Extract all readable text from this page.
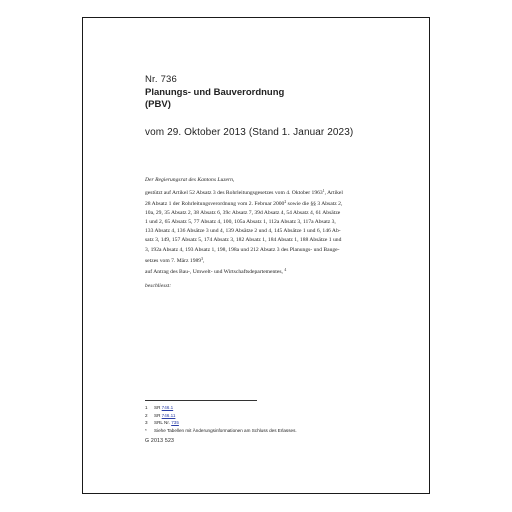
Nr. 736
Planungs- und Bauverordnung
(PBV)
vom 29. Oktober 2013 (Stand 1. Januar 2023)
Der Regierungsrat des Kantons Luzern,
gestützt auf Artikel 52 Absatz 3 des Rohrleitungsgesetzes vom 4. Oktober 1963$^1$, Artikel
28 Absatz 1 der Rohrleitungsverordnung vom 2. Februar 2000$^2$ sowie die §§ 3 Absatz 2,
10a, 29, 35 Absatz 2, 38 Absatz 6, 39c Absatz 7, 39d Absatz 4, 54 Absatz 4, 61 Absätze
1 und 2, 65 Absatz 5, 77 Absatz 4, 100, 105a Absatz 1, 112a Absatz 3, 117a Absatz 3,
133 Absatz 4, 136 Absätze 3 und 4, 139 Absätze 2 und 4, 145 Absätze 1 und 6, 146 Ab-
satz 3, 149, 157 Absatz 5, 174 Absatz 3, 182 Absatz 1, 184 Absatz 1, 188 Absätze 1 und
3, 192a Absatz 4, 193 Absatz 1, 198, 198a und 212 Absatz 3 des Planungs- und Bauge-
setzes vom 7. März 1989$^3$,
auf Antrag des Bau-, Umwelt- und Wirtschaftsdepartementes, $^4$
beschliesst:
1 SR 746.1
2 SR 746.11
3 SRL Nr. 735
* Siehe Tabellen mit Änderungsinformationen am Schluss des Erlasses.
G 2013 523
